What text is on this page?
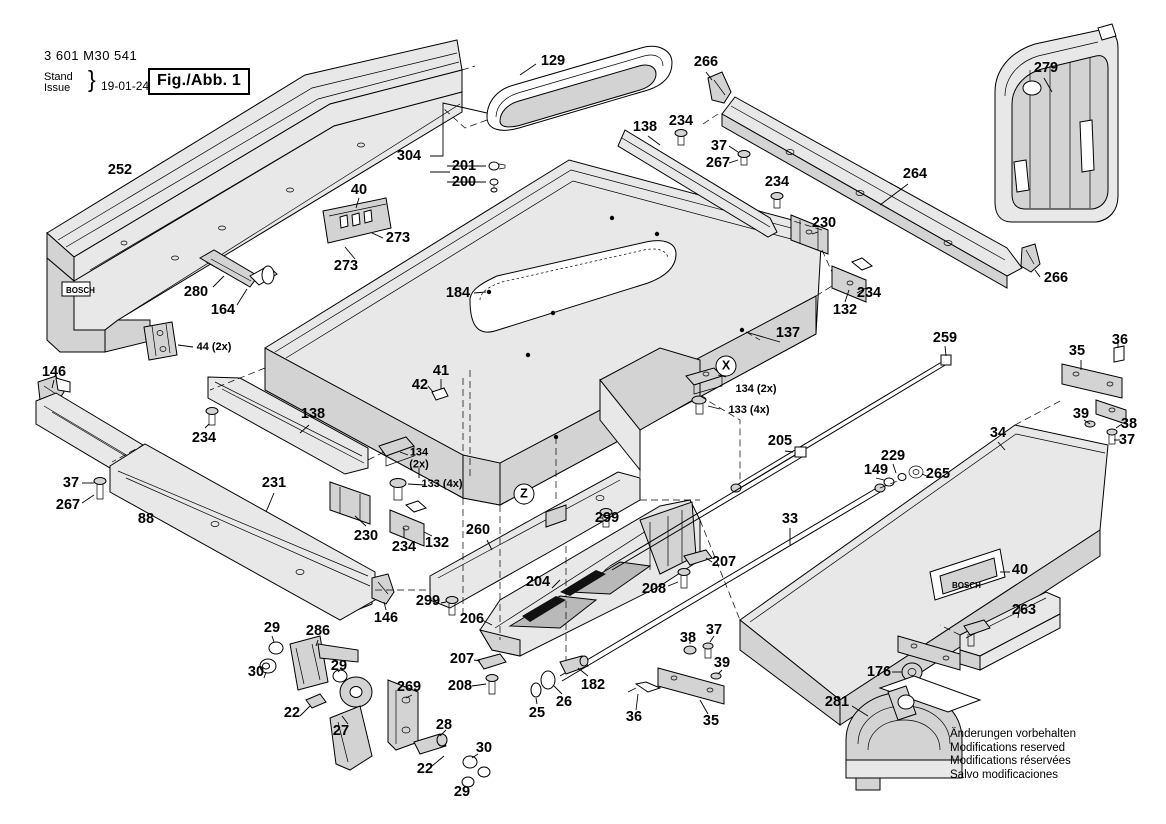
BOSCH
BOSCH
3 601 M30 541
Stand
Issue } 19-01-24 Fig./Abb. 1
Änderungen vorbehalten
Modifications reserved
Modifications réservées
Salvo modificaciones
252
129	266	279
138 234
37
267
304
201
200	264
234
40
230
273
273
266
280	184	234
164	132
137	259
44 (2x)	35
36
146	41
42	134 (2x)
133 (4x)	39
38
37
138
234	34
205
229
149	265
231
37
267
88
134
(2x)
133 (4x)
230
234 132
260
299	33
40
207
204	208
146
299
206
263
207
208
38 37
39
29 286
30	29
269
176
182
26
25	36	35
22
27	28
281
30
22
29
X
Z
